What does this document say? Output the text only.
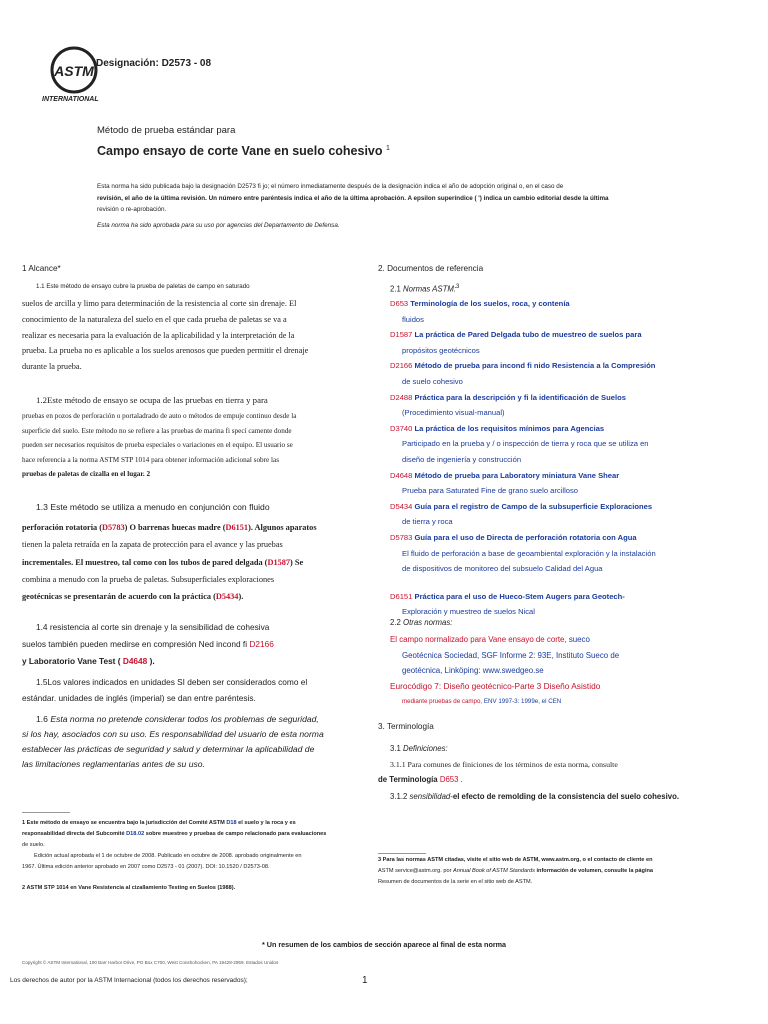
ASTM
INTERNATIONAL
Designación: D2573 - 08
Método de prueba estándar para
Campo ensayo de corte Vane en suelo cohesivo $^1$
Esta norma ha sido publicada bajo la designación D2573 fi jo; el número inmediatamente después de la designación indica el año de adopción original o, en el caso de
revisión, el año de la última revisión. Un número entre paréntesis indica el año de la última aprobación. A epsilon superíndice ( ') indica un cambio editorial desde la última
revisión o re-aprobación.
Esta norma ha sido aprobada para su uso por agencias del Departamento de Defensa.
1 Alcance*
1.1 Este método de ensayo cubre la prueba de paletas de campo en saturado
suelos de arcilla y limo para determinación de la resistencia al corte sin drenaje. El
conocimiento de la naturaleza del suelo en el que cada prueba de paletas se va a
realizar es necesaria para la evaluación de la aplicabilidad y la interpretación de la
prueba. La prueba no es aplicable a los suelos arenosos que pueden permitir el drenaje
durante la prueba.
1.2Este método de ensayo se ocupa de las pruebas en tierra y para
pruebas en pozos de perforación o portaladrado de auto o métodos de empuje continuo desde la
superficie del suelo. Este método no se refiere a las pruebas de marina fi specí camente donde
pueden ser necesarios requisitos de prueba especiales o variaciones en el equipo. El usuario se
hace referencia a la norma ASTM STP 1014 para obtener información adicional sobre las
pruebas de paletas de cizalla en el lugar. 2
1.3 Este método se utiliza a menudo en conjunción con fluido
perforación rotatoria (D5783) O barrenas huecas madre (D6151). Algunos aparatos
tienen la paleta retraída en la zapata de protección para el avance y las pruebas
incrementales. El muestreo, tal como con los tubos de pared delgada (D1587) Se
combina a menudo con la prueba de paletas. Subsuperficiales exploraciones
geotécnicas se presentarán de acuerdo con la práctica (D5434).
1.4 resistencia al corte sin drenaje y la sensibilidad de cohesiva
suelos también pueden medirse en compresión Ned incond fi D2166
y Laboratorio Vane Test ( D4648 ).
1.5Los valores indicados en unidades SI deben ser considerados como el
estándar. unidades de inglés (imperial) se dan entre paréntesis.
1.6 Esta norma no pretende considerar todos los problemas de seguridad,
si los hay, asociados con su uso. Es responsabilidad del usuario de esta norma
establecer las prácticas de seguridad y salud y determinar la aplicabilidad de
las limitaciones reglamentarias antes de su uso.
2. Documentos de referencia
2.1 Normas ASTM:$^3$
D653 Terminología de los suelos, roca, y contenía
fluidos
D1587 La práctica de Pared Delgada tubo de muestreo de suelos para
propósitos geotécnicos
D2166 Método de prueba para incond fi nido Resistencia a la Compresión
de suelo cohesivo
D2488 Práctica para la descripción y fi la identificación de Suelos
(Procedimiento visual-manual)
D3740 La práctica de los requisitos mínimos para Agencias
Participado en la prueba y / o inspección de tierra y roca que se utiliza en
diseño de ingeniería y construcción
D4648 Método de prueba para Laboratory miniatura Vane Shear
Prueba para Saturated Fine de grano suelo arcilloso
D5434 Guía para el registro de Campo de la subsuperficie Exploraciones
de tierra y roca
D5783 Guía para el uso de Directa de perforación rotatoria con Agua
El fluido de perforación a base de geoambiental exploración y la instalación
de dispositivos de monitoreo del subsuelo Calidad del Agua
D6151 Práctica para el uso de Hueco-Stem Augers para Geotech-
Exploración y muestreo de suelos Nical
2.2 Otras normas:
El campo normalizado para Vane ensayo de corte, sueco
Geotécnica Sociedad, SGF Informe 2: 93E, Instituto Sueco de
geotécnica, Linköping: www.swedgeo.se
Eurocódigo 7: Diseño geotécnico-Parte 3 Diseño Asistido
mediante pruebas de campo, ENV 1997-3: 1999e, el CEN
3. Terminología
3.1 Definiciones:
3.1.1 Para comunes de finiciones de los términos de esta norma, consulte
de Terminología D653 .
3.1.2 sensibilidad-el efecto de remolding de la consistencia del suelo cohesivo.
1 Este método de ensayo se encuentra bajo la jurisdicción del Comité ASTM D18 el suelo y la roca y es
responsabilidad directa del Subcomité D18.02 sobre muestreo y pruebas de campo relacionado para evaluaciones
de suelo.
Edición actual aprobada el 1 de octubre de 2008. Publicado en octubre de 2008. aprobado originalmente en
1967. Última edición anterior aprobado en 2007 como D2573 - 01 (2007). DOI: 10.1520 / D2573-08.
2 ASTM STP 1014 en Vane Resistencia al cizallamiento Testing en Suelos (1988).
3 Para las normas ASTM citadas, visite el sitio web de ASTM, www.astm.org, o el contacto de cliente en
ASTM service@astm.org. por Annual Book of ASTM Standards información de volumen, consulte la página
Resumen de documentos de la serie en el sitio web de ASTM.
* Un resumen de los cambios de sección aparece al final de esta norma
Copyright © ASTM International, 100 Barr Harbor Drive, PO Box C700, West Conshohocken, PA 19428-2959. Estados Unidos
Los derechos de autor por la ASTM Internacional (todos los derechos reservados);	1
